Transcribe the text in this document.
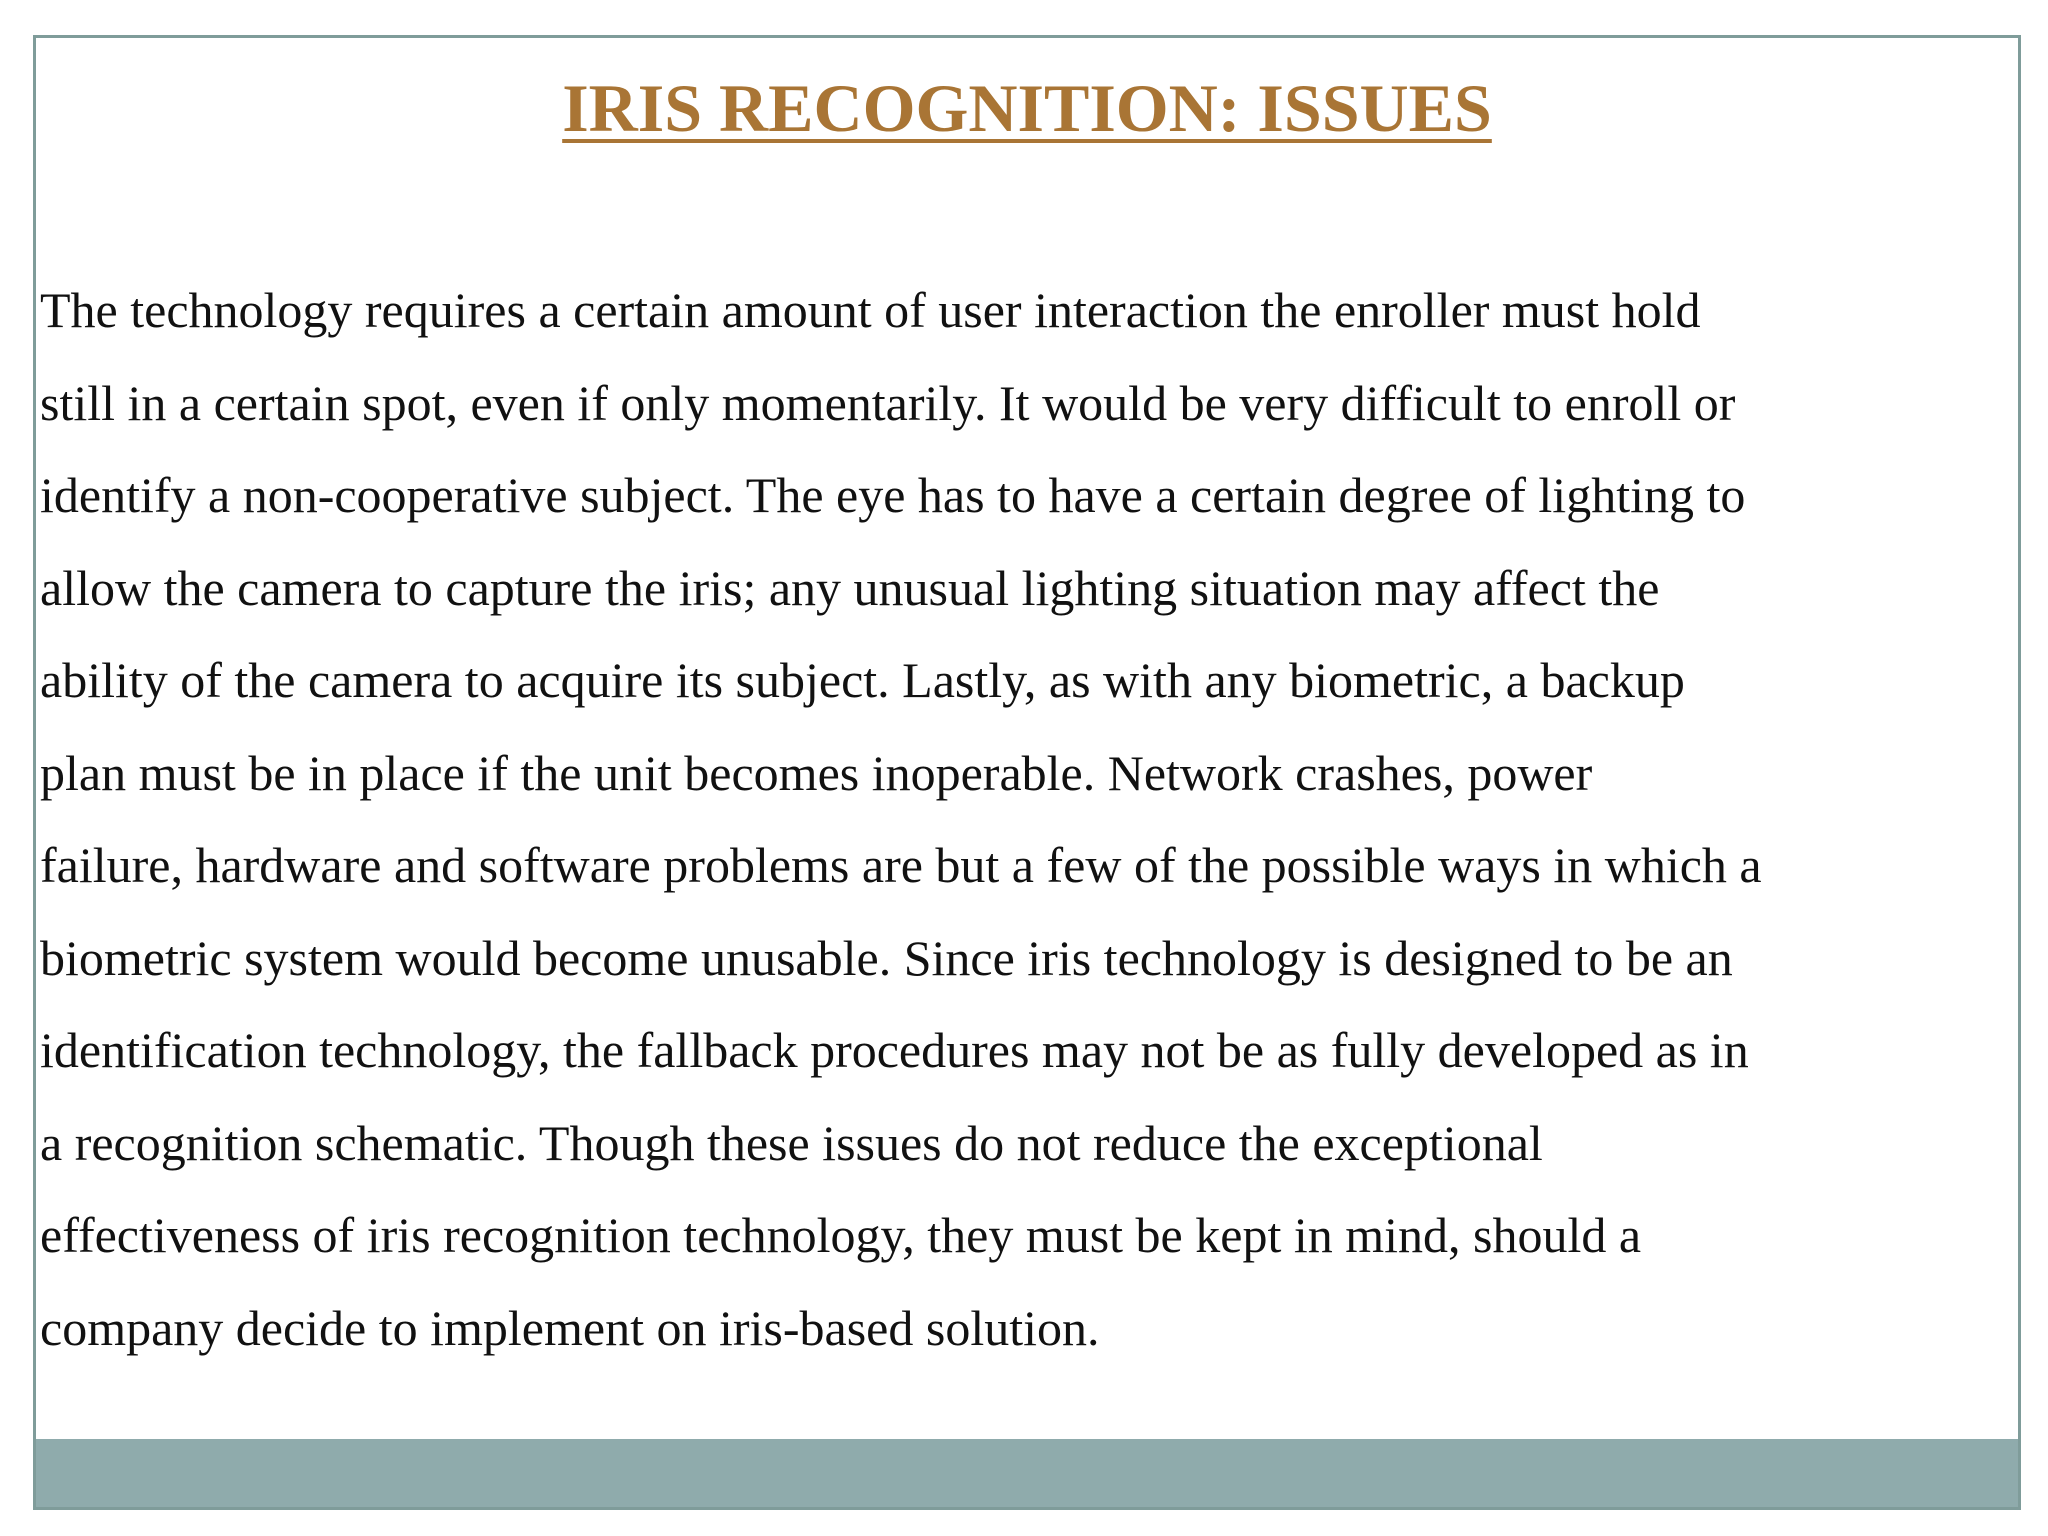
IRIS RECOGNITION: ISSUES

The technology requires a certain amount of user interaction the enroller must hold
still in a certain spot, even if only momentarily. It would be very difficult to enroll or
identify a non-cooperative subject. The eye has to have a certain degree of lighting to
allow the camera to capture the iris; any unusual lighting situation may affect the
ability of the camera to acquire its subject. Lastly, as with any biometric, a backup
plan must be in place if the unit becomes inoperable. Network crashes, power
failure, hardware and software problems are but a few of the possible ways in which a
biometric system would become unusable. Since iris technology is designed to be an
identification technology, the fallback procedures may not be as fully developed as in
a recognition schematic. Though these issues do not reduce the exceptional
effectiveness of iris recognition technology, they must be kept in mind, should a
company decide to implement on iris-based solution.
